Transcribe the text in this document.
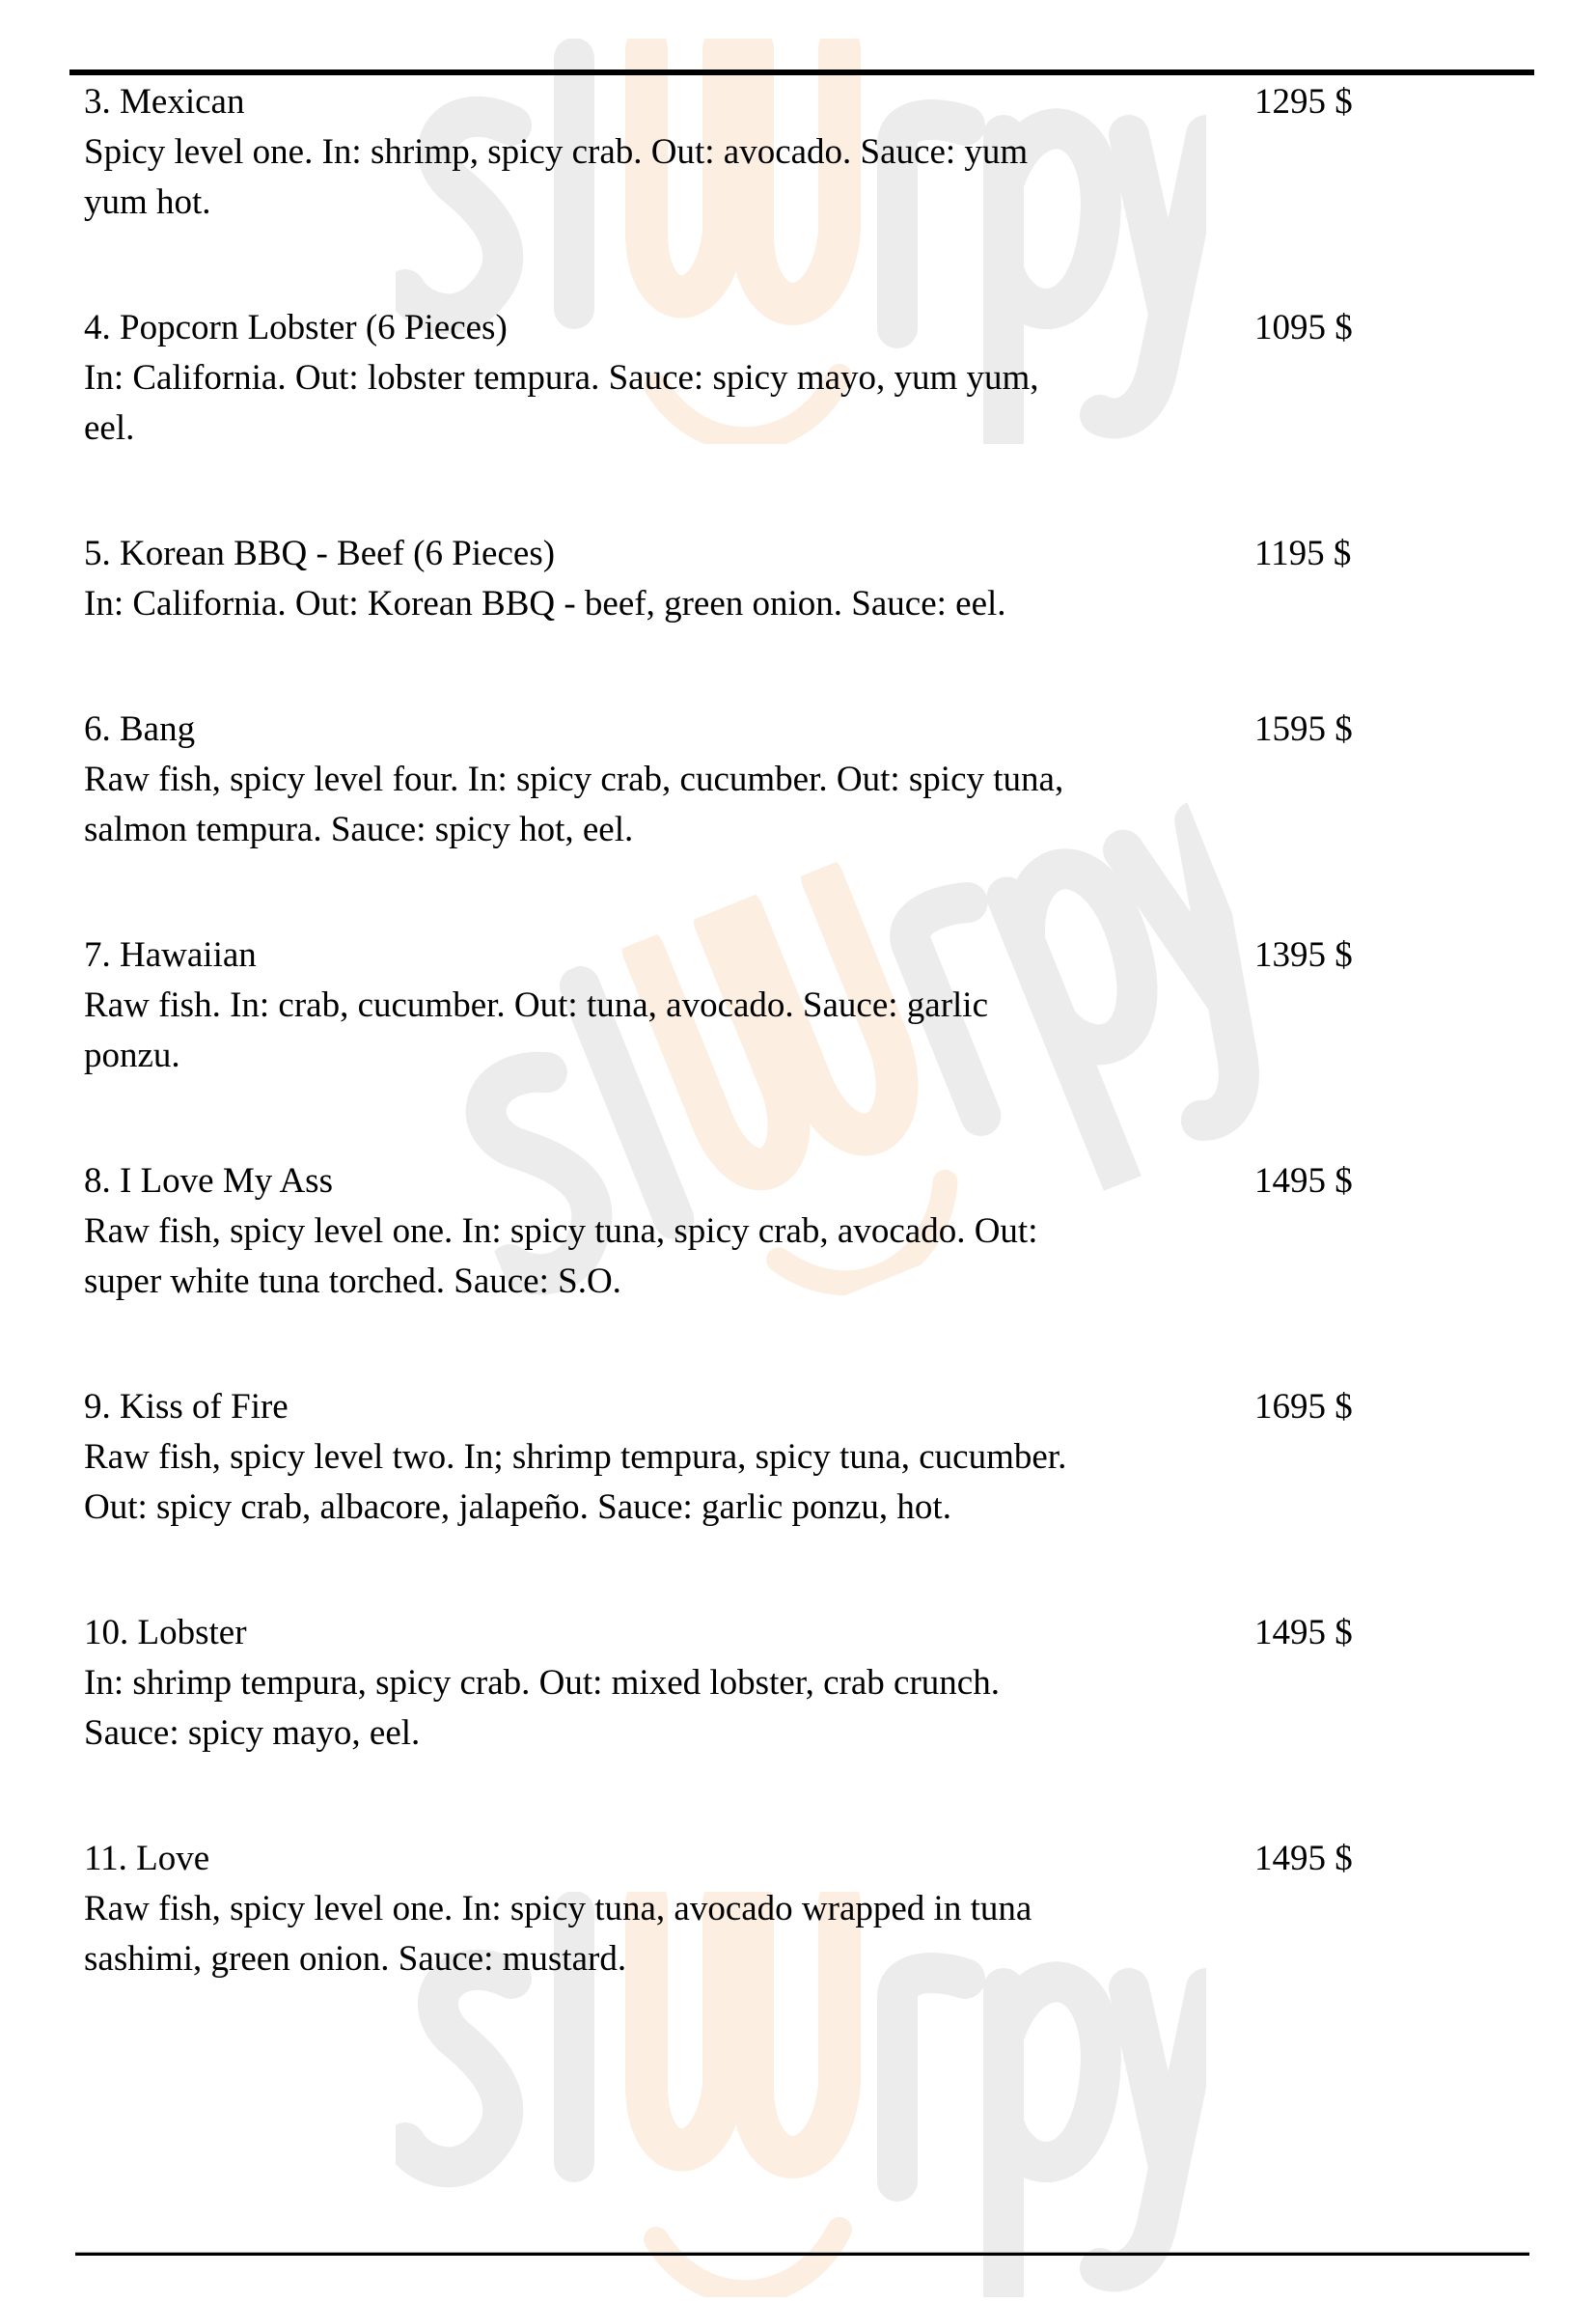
3. Mexican
Spicy level one. In: shrimp, spicy crab. Out: avocado. Sauce: yum
yum hot.
1295 $
4. Popcorn Lobster (6 Pieces)
In: California. Out: lobster tempura. Sauce: spicy mayo, yum yum,
eel.
1095 $
5. Korean BBQ - Beef (6 Pieces)
In: California. Out: Korean BBQ - beef, green onion. Sauce: eel.
1195 $
6. Bang
Raw fish, spicy level four. In: spicy crab, cucumber. Out: spicy tuna,
salmon tempura. Sauce: spicy hot, eel.
1595 $
7. Hawaiian
Raw fish. In: crab, cucumber. Out: tuna, avocado. Sauce: garlic
ponzu.
1395 $
8. I Love My Ass
Raw fish, spicy level one. In: spicy tuna, spicy crab, avocado. Out:
super white tuna torched. Sauce: S.O.
1495 $
9. Kiss of Fire
Raw fish, spicy level two. In; shrimp tempura, spicy tuna, cucumber.
Out: spicy crab, albacore, jalapeño. Sauce: garlic ponzu, hot.
1695 $
10. Lobster
In: shrimp tempura, spicy crab. Out: mixed lobster, crab crunch.
Sauce: spicy mayo, eel.
1495 $
11. Love
Raw fish, spicy level one. In: spicy tuna, avocado wrapped in tuna
sashimi, green onion. Sauce: mustard.
1495 $
